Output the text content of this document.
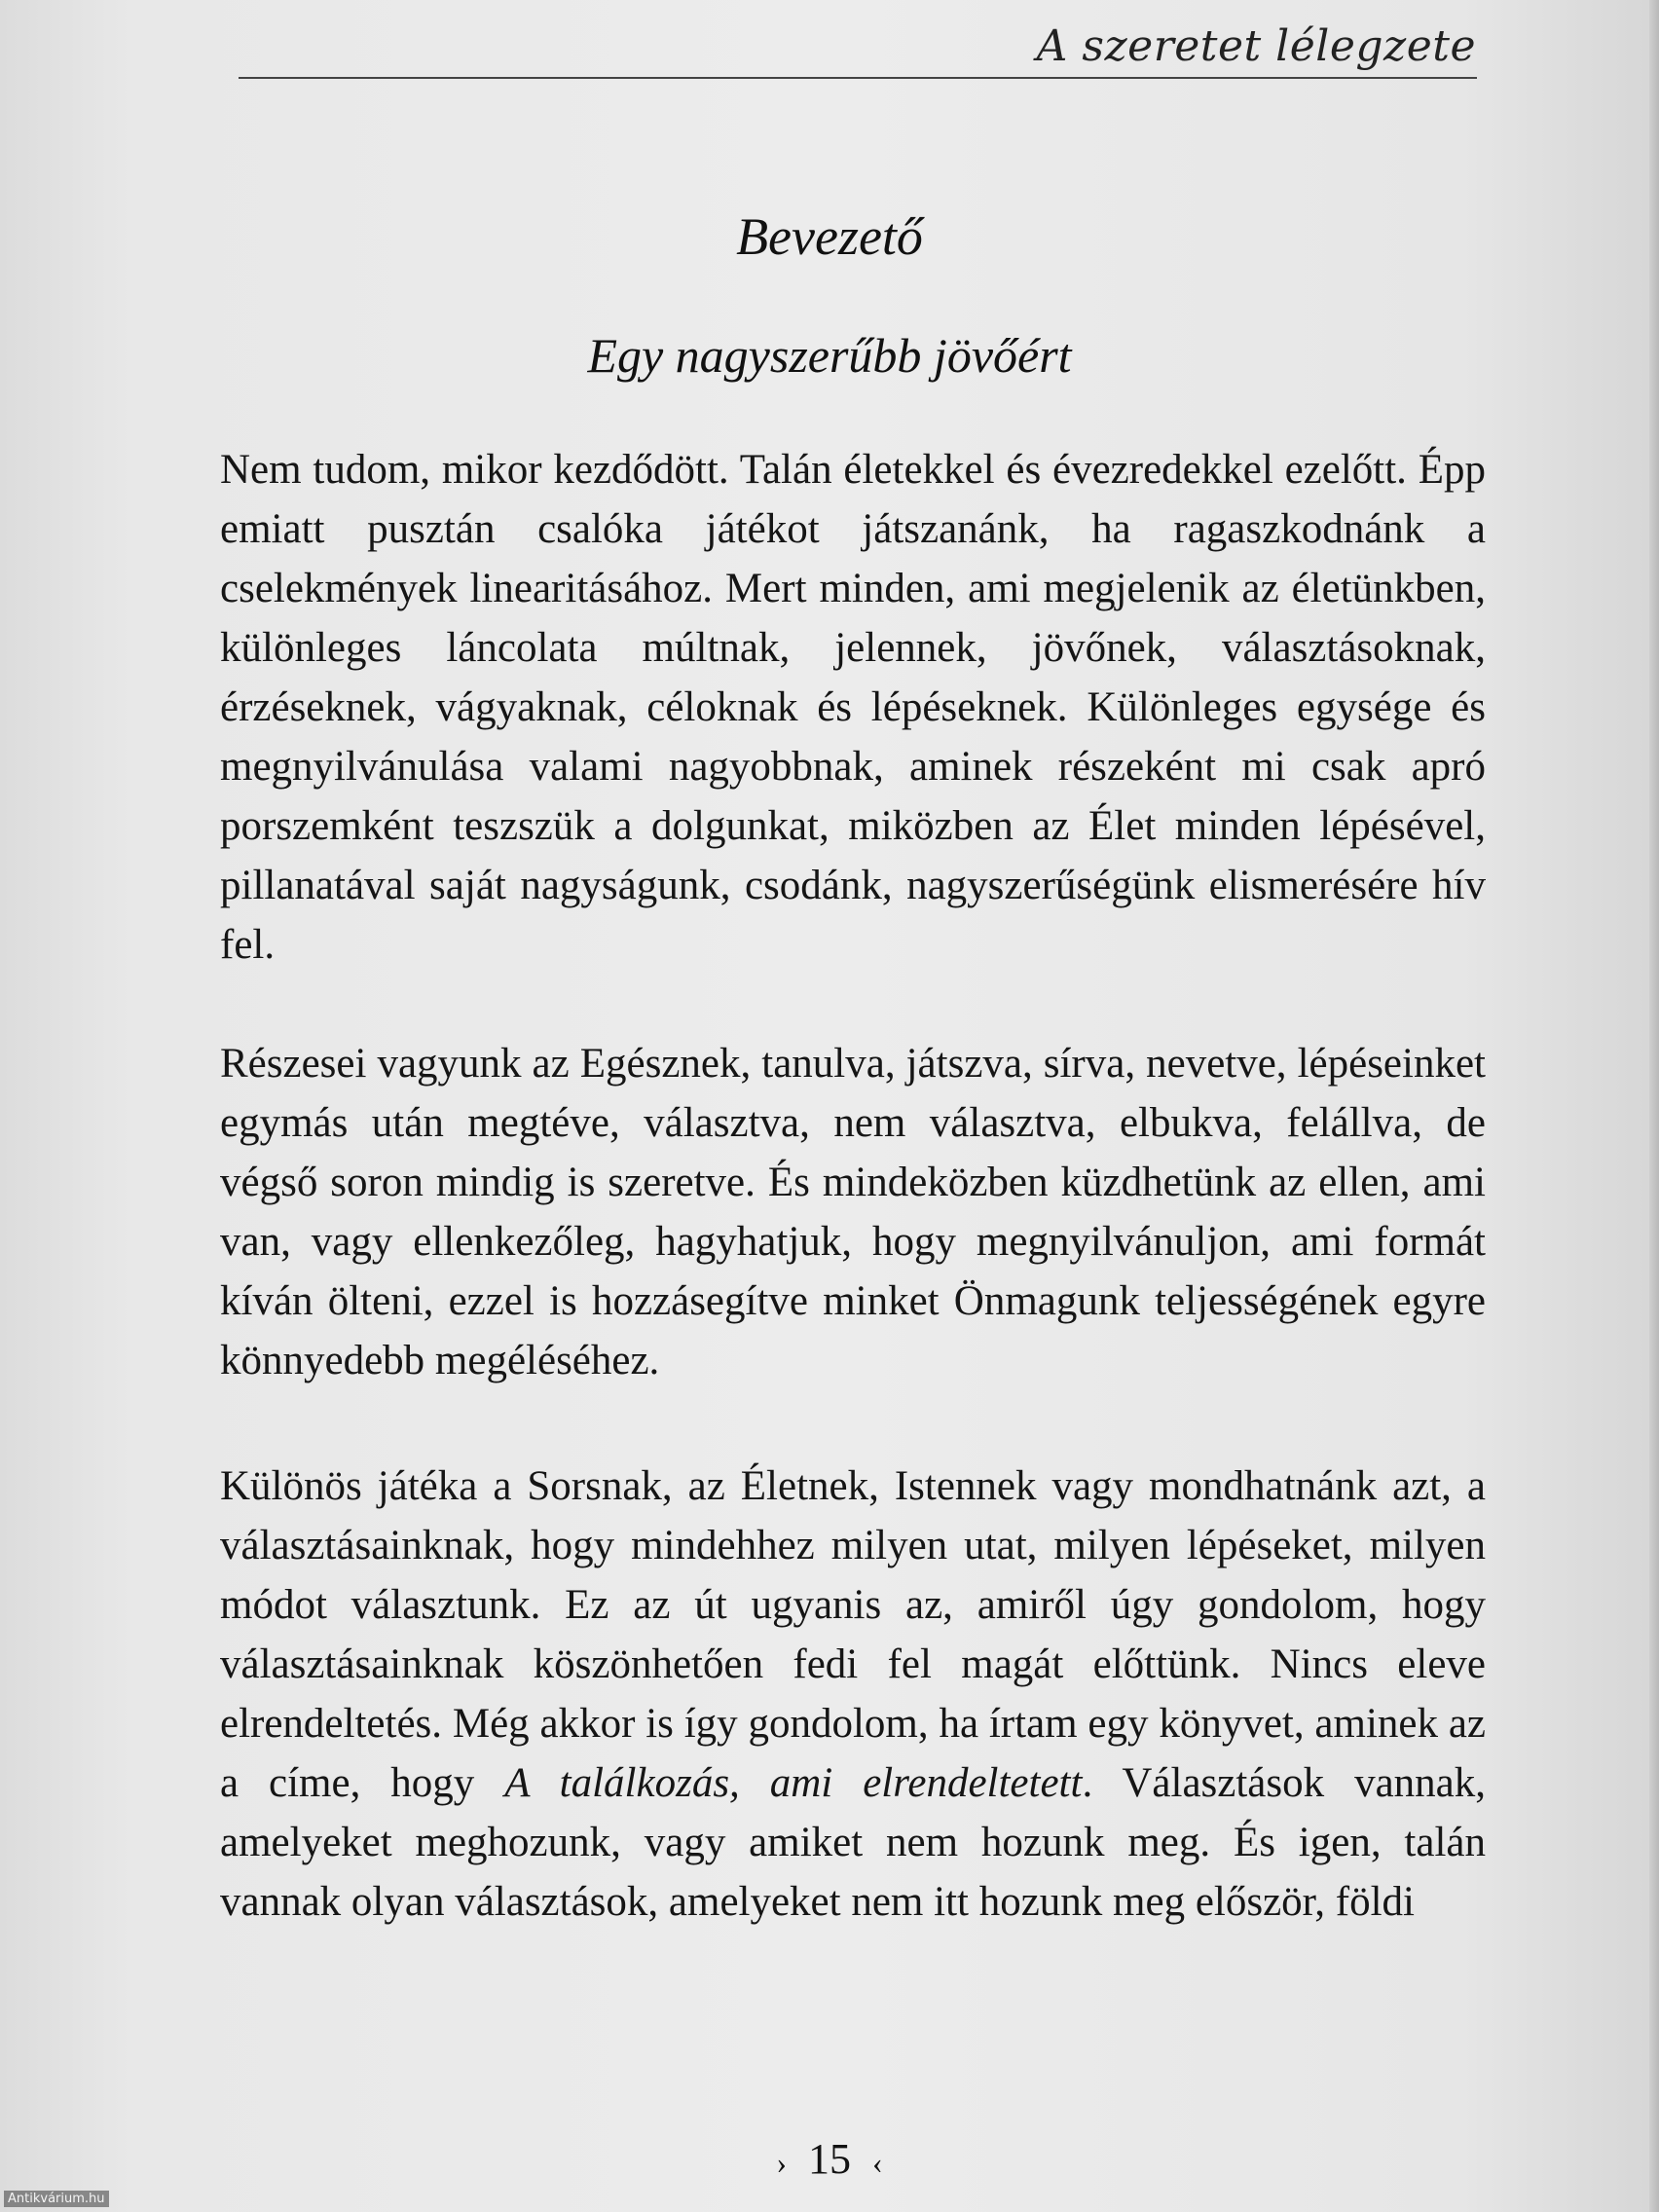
A szeretet lélegzete
Bevezető
Egy nagyszerűbb jövőért

Nem tudom, mikor kezdődött. Talán életekkel és évezredekkel ezelőtt. Épp emiatt pusztán csalóka játékot játszanánk, ha ragaszkodnánk a cselekmények linearitásához. Mert minden, ami megjelenik az életünkben, különleges láncolata múltnak, jelennek, jövőnek, választásoknak, érzéseknek, vágyaknak, céloknak és lépéseknek. Különleges egysége és megnyilvánulása valami nagyobbnak, aminek részeként mi csak apró porszemként teszszük a dolgunkat, miközben az Élet minden lépésével, pillanatával saját nagyságunk, csodánk, nagyszerűségünk elismerésére hív fel.

Részesei vagyunk az Egésznek, tanulva, játszva, sírva, nevetve, lépéseinket egymás után megtéve, választva, nem választva, elbukva, felállva, de végső soron mindig is szeretve. És mindeközben küzdhetünk az ellen, ami van, vagy ellenkezőleg, hagyhatjuk, hogy megnyilvánuljon, ami formát kíván ölteni, ezzel is hozzásegítve minket Önmagunk teljességének egyre könnyedebb megéléséhez.

Különös játéka a Sorsnak, az Életnek, Istennek vagy mondhatnánk azt, a választásainknak, hogy mindehhez milyen utat, milyen lépéseket, milyen módot választunk. Ez az út ugyanis az, amiről úgy gondolom, hogy választásainknak köszönhetően fedi fel magát előttünk. Nincs eleve elrendeltetés. Még akkor is így gondolom, ha írtam egy könyvet, aminek az a címe, hogy A találkozás, ami elrendeltetett. Választások vannak, amelyeket meghozunk, vagy amiket nem hozunk meg. És igen, talán vannak olyan választások, amelyeket nem itt hozunk meg először, földi

› 15 ‹
Antikvárium.hu
